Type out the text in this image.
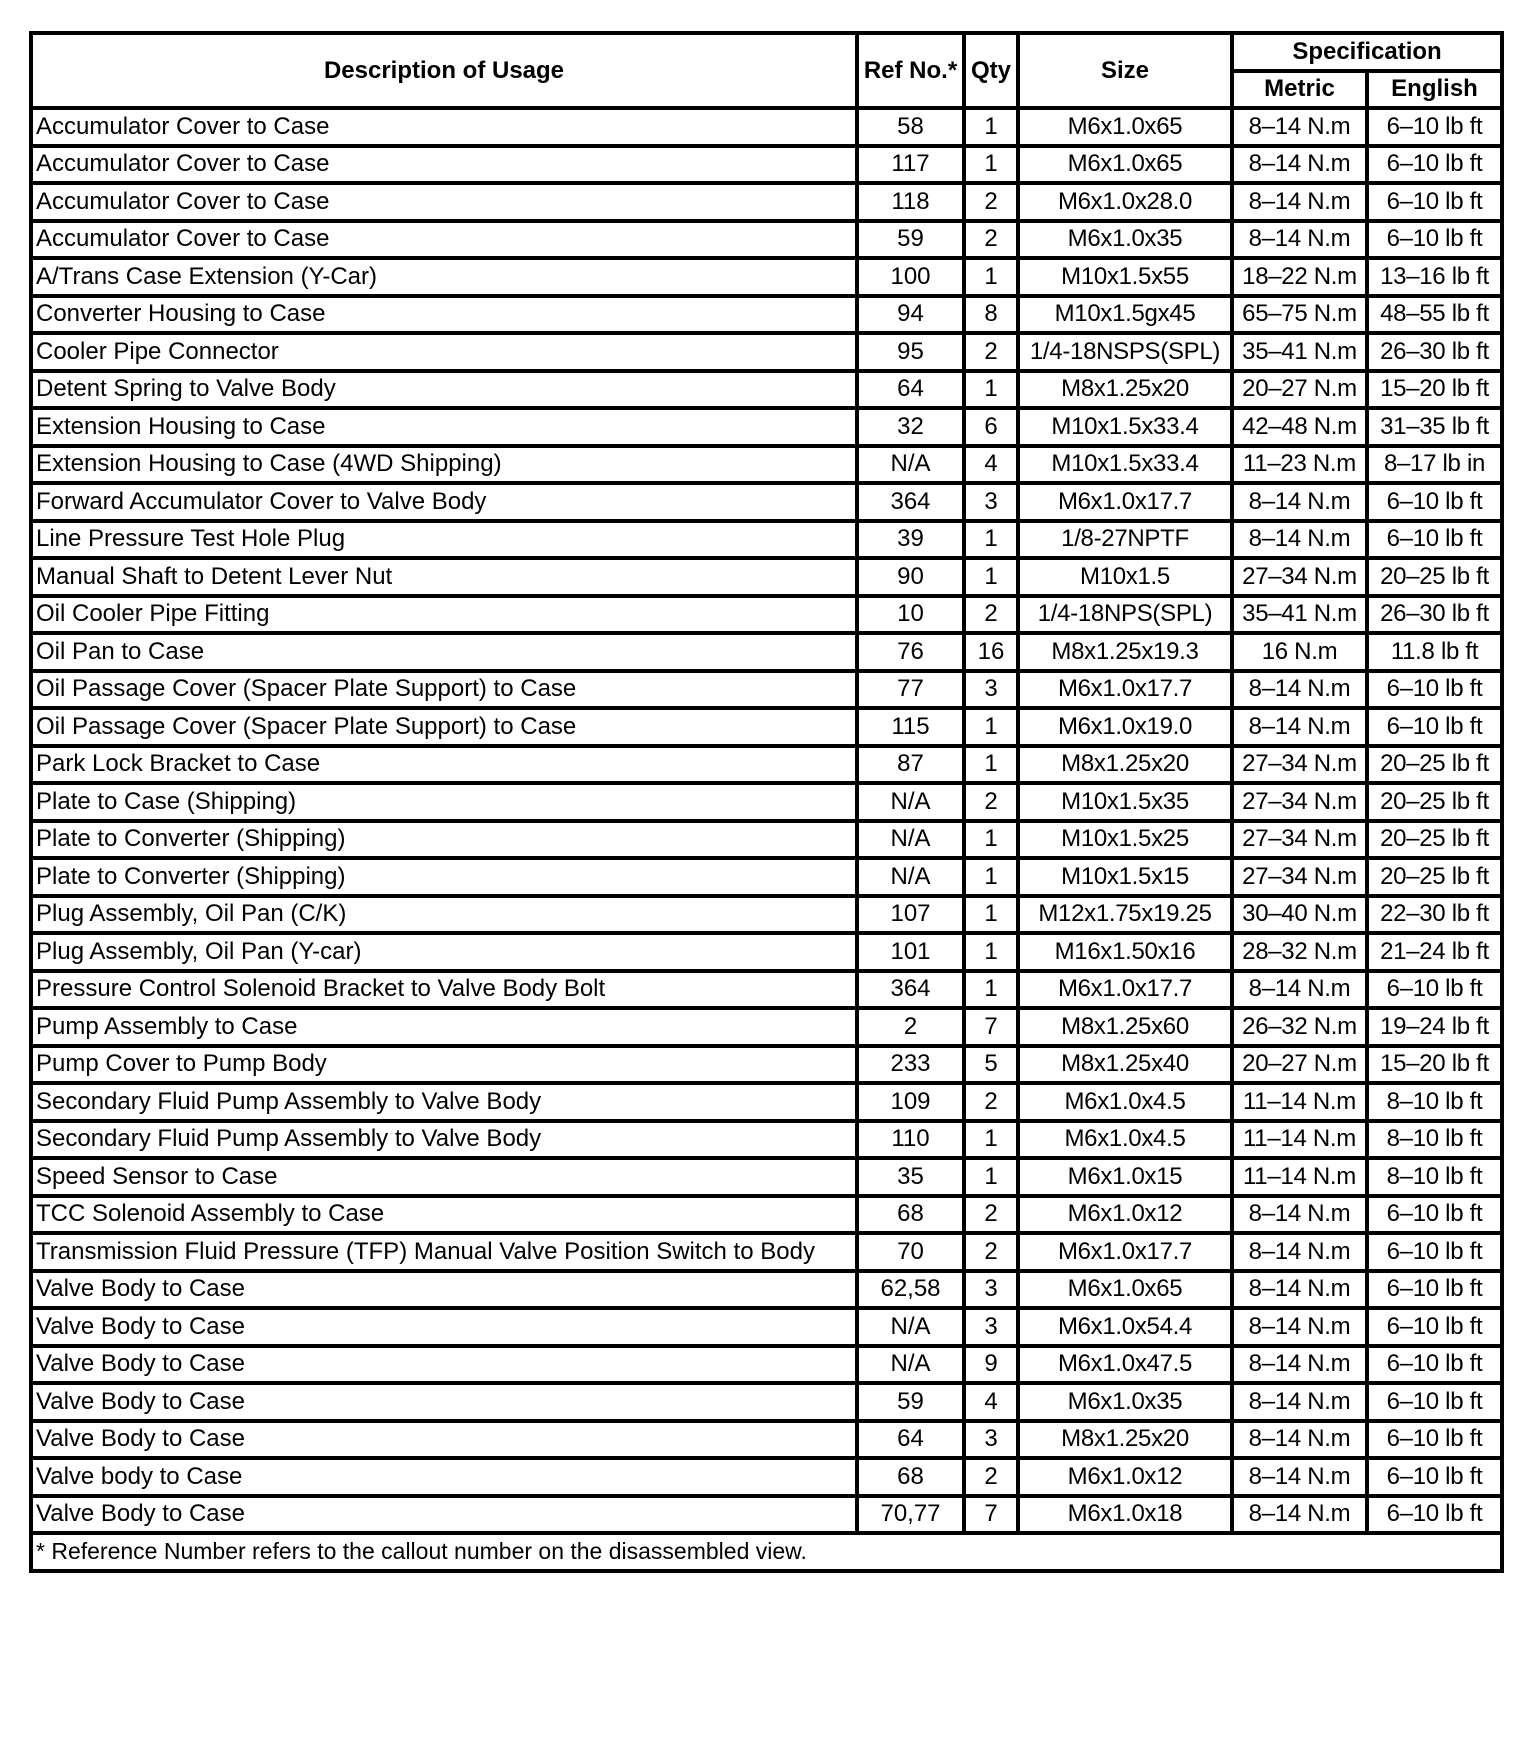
Description of Usage	Ref No.*	Qty	Size	Specification	
				Metric	English
Accumulator Cover to Case	58	1	M6x1.0x65	8–14 N.m	6–10 lb ft
Accumulator Cover to Case	117	1	M6x1.0x65	8–14 N.m	6–10 lb ft
Accumulator Cover to Case	118	2	M6x1.0x28.0	8–14 N.m	6–10 lb ft
Accumulator Cover to Case	59	2	M6x1.0x35	8–14 N.m	6–10 lb ft
A/Trans Case Extension (Y-Car)	100	1	M10x1.5x55	18–22 N.m	13–16 lb ft
Converter Housing to Case	94	8	M10x1.5gx45	65–75 N.m	48–55 lb ft
Cooler Pipe Connector	95	2	1/4-18NSPS(SPL)	35–41 N.m	26–30 lb ft
Detent Spring to Valve Body	64	1	M8x1.25x20	20–27 N.m	15–20 lb ft
Extension Housing to Case	32	6	M10x1.5x33.4	42–48 N.m	31–35 lb ft
Extension Housing to Case (4WD Shipping)	N/A	4	M10x1.5x33.4	11–23 N.m	8–17 lb in
Forward Accumulator Cover to Valve Body	364	3	M6x1.0x17.7	8–14 N.m	6–10 lb ft
Line Pressure Test Hole Plug	39	1	1/8-27NPTF	8–14 N.m	6–10 lb ft
Manual Shaft to Detent Lever Nut	90	1	M10x1.5	27–34 N.m	20–25 lb ft
Oil Cooler Pipe Fitting	10	2	1/4-18NPS(SPL)	35–41 N.m	26–30 lb ft
Oil Pan to Case	76	16	M8x1.25x19.3	16 N.m	11.8 lb ft
Oil Passage Cover (Spacer Plate Support) to Case	77	3	M6x1.0x17.7	8–14 N.m	6–10 lb ft
Oil Passage Cover (Spacer Plate Support) to Case	115	1	M6x1.0x19.0	8–14 N.m	6–10 lb ft
Park Lock Bracket to Case	87	1	M8x1.25x20	27–34 N.m	20–25 lb ft
Plate to Case (Shipping)	N/A	2	M10x1.5x35	27–34 N.m	20–25 lb ft
Plate to Converter (Shipping)	N/A	1	M10x1.5x25	27–34 N.m	20–25 lb ft
Plate to Converter (Shipping)	N/A	1	M10x1.5x15	27–34 N.m	20–25 lb ft
Plug Assembly, Oil Pan (C/K)	107	1	M12x1.75x19.25	30–40 N.m	22–30 lb ft
Plug Assembly, Oil Pan (Y-car)	101	1	M16x1.50x16	28–32 N.m	21–24 lb ft
Pressure Control Solenoid Bracket to Valve Body Bolt	364	1	M6x1.0x17.7	8–14 N.m	6–10 lb ft
Pump Assembly to Case	2	7	M8x1.25x60	26–32 N.m	19–24 lb ft
Pump Cover to Pump Body	233	5	M8x1.25x40	20–27 N.m	15–20 lb ft
Secondary Fluid Pump Assembly to Valve Body	109	2	M6x1.0x4.5	11–14 N.m	8–10 lb ft
Secondary Fluid Pump Assembly to Valve Body	110	1	M6x1.0x4.5	11–14 N.m	8–10 lb ft
Speed Sensor to Case	35	1	M6x1.0x15	11–14 N.m	8–10 lb ft
TCC Solenoid Assembly to Case	68	2	M6x1.0x12	8–14 N.m	6–10 lb ft
Transmission Fluid Pressure (TFP) Manual Valve Position Switch to Body	70	2	M6x1.0x17.7	8–14 N.m	6–10 lb ft
Valve Body to Case	62,58	3	M6x1.0x65	8–14 N.m	6–10 lb ft
Valve Body to Case	N/A	3	M6x1.0x54.4	8–14 N.m	6–10 lb ft
Valve Body to Case	N/A	9	M6x1.0x47.5	8–14 N.m	6–10 lb ft
Valve Body to Case	59	4	M6x1.0x35	8–14 N.m	6–10 lb ft
Valve Body to Case	64	3	M8x1.25x20	8–14 N.m	6–10 lb ft
Valve body to Case	68	2	M6x1.0x12	8–14 N.m	6–10 lb ft
Valve Body to Case	70,77	7	M6x1.0x18	8–14 N.m	6–10 lb ft
* Reference Number refers to the callout number on the disassembled view.					
